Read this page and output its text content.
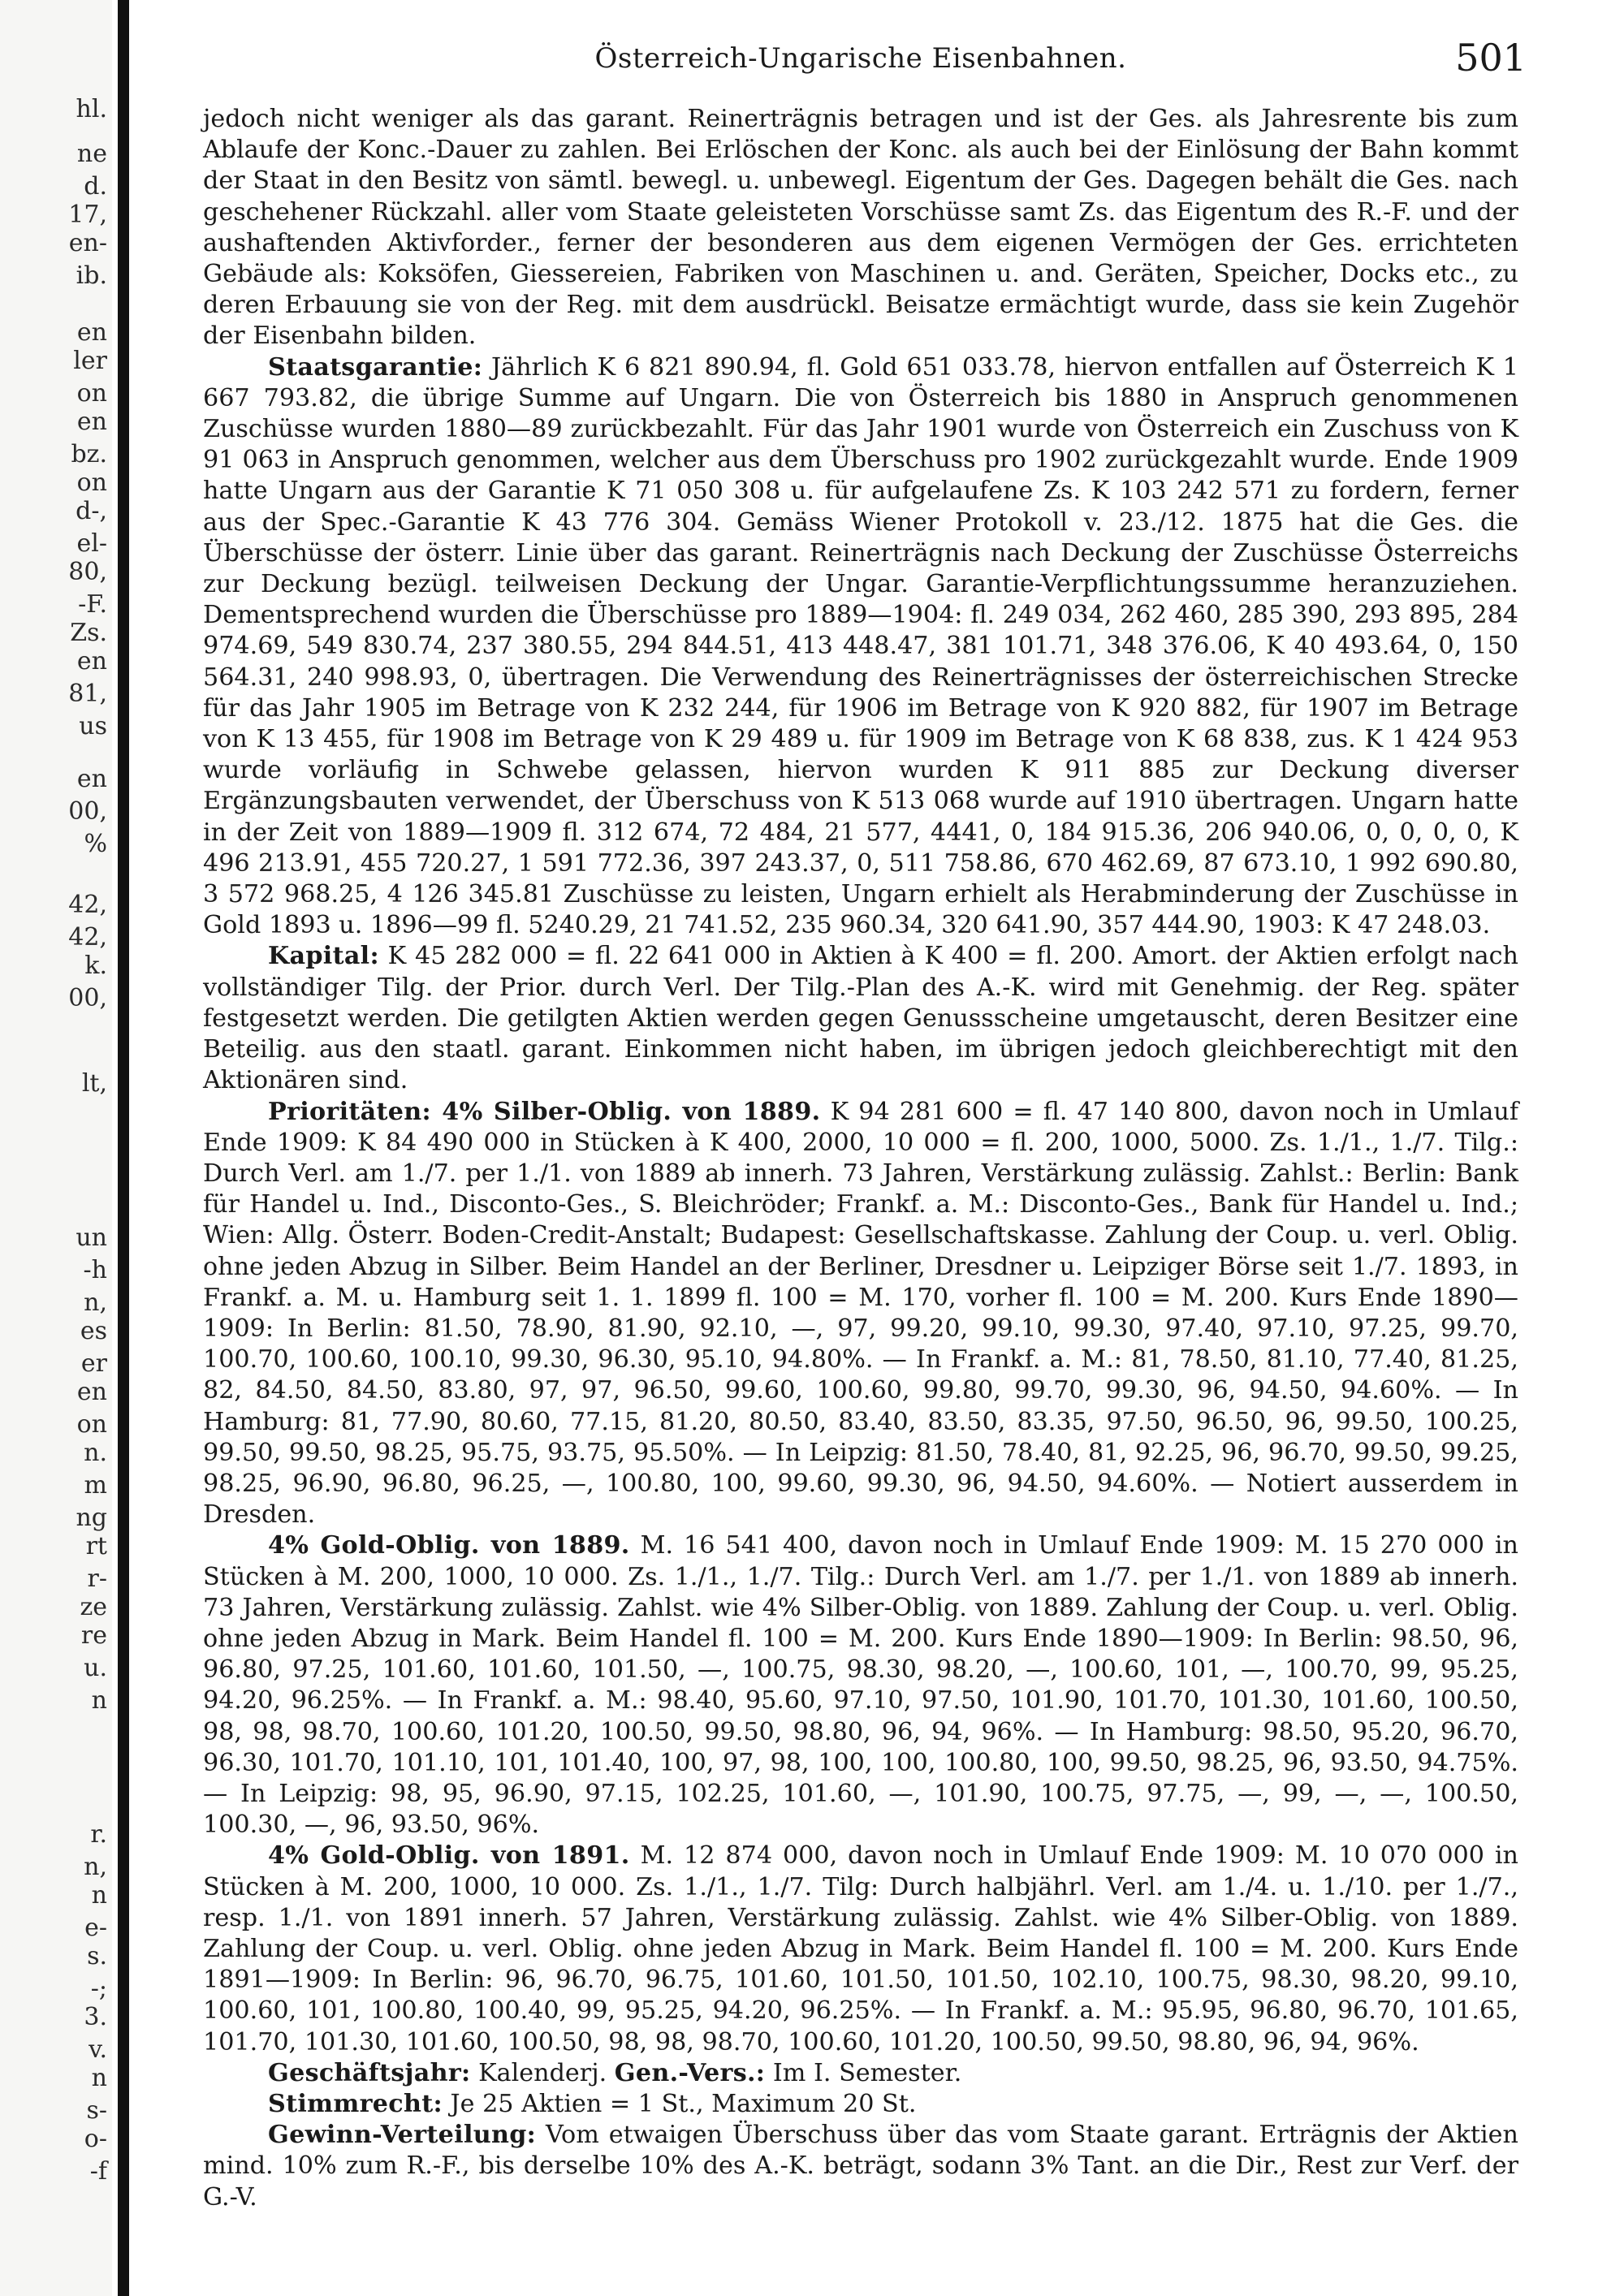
hl.
ne
d.
17,
en-
ib.
en
ler
on
en
bz.
on
d-,
el-
80,
-F.
Zs.
en
81,
us
en
00,
%
42,
42,
k.
00,
lt,
un
-h
n,
es
er
en
on
n.
m
ng
rt
r-
ze
re
u.
n
r.
n,
n
e-
s.
-;
3.
v.
n
s-
o-
-f
Österreich-Ungarische Eisenbahnen.	501

jedoch nicht weniger als das garant. Reinerträgnis betragen und ist der Ges. als Jahresrente bis zum Ablaufe der Konc.-Dauer zu zahlen. Bei Erlöschen der Konc. als auch bei der Einlösung der Bahn kommt der Staat in den Besitz von sämtl. bewegl. u. unbewegl. Eigentum der Ges. Dagegen behält die Ges. nach geschehener Rückzahl. aller vom Staate geleisteten Vorschüsse samt Zs. das Eigentum des R.-F. und der aushaftenden Aktivforder., ferner der besonderen aus dem eigenen Vermögen der Ges. errichteten Gebäude als: Koksöfen, Giessereien, Fabriken von Maschinen u. and. Geräten, Speicher, Docks etc., zu deren Erbauung sie von der Reg. mit dem ausdrückl. Beisatze ermächtigt wurde, dass sie kein Zugehör der Eisenbahn bilden.

Staatsgarantie: Jährlich K 6 821 890.94, fl. Gold 651 033.78, hiervon entfallen auf Österreich K 1 667 793.82, die übrige Summe auf Ungarn. Die von Österreich bis 1880 in Anspruch genommenen Zuschüsse wurden 1880—89 zurückbezahlt. Für das Jahr 1901 wurde von Österreich ein Zuschuss von K 91 063 in Anspruch genommen, welcher aus dem Überschuss pro 1902 zurückgezahlt wurde. Ende 1909 hatte Ungarn aus der Garantie K 71 050 308 u. für aufgelaufene Zs. K 103 242 571 zu fordern, ferner aus der Spec.-Garantie K 43 776 304. Gemäss Wiener Protokoll v. 23./12. 1875 hat die Ges. die Überschüsse der österr. Linie über das garant. Reinerträgnis nach Deckung der Zuschüsse Österreichs zur Deckung bezügl. teilweisen Deckung der Ungar. Garantie-Verpflichtungssumme heranzuziehen. Dementsprechend wurden die Überschüsse pro 1889—1904: fl. 249 034, 262 460, 285 390, 293 895, 284 974.69, 549 830.74, 237 380.55, 294 844.51, 413 448.47, 381 101.71, 348 376.06, K 40 493.64, 0, 150 564.31, 240 998.93, 0, übertragen. Die Verwendung des Reinerträgnisses der österreichischen Strecke für das Jahr 1905 im Betrage von K 232 244, für 1906 im Betrage von K 920 882, für 1907 im Betrage von K 13 455, für 1908 im Betrage von K 29 489 u. für 1909 im Betrage von K 68 838, zus. K 1 424 953 wurde vorläufig in Schwebe gelassen, hiervon wurden K 911 885 zur Deckung diverser Ergänzungsbauten verwendet, der Überschuss von K 513 068 wurde auf 1910 übertragen. Ungarn hatte in der Zeit von 1889—1909 fl. 312 674, 72 484, 21 577, 4441, 0, 184 915.36, 206 940.06, 0, 0, 0, 0, K 496 213.91, 455 720.27, 1 591 772.36, 397 243.37, 0, 511 758.86, 670 462.69, 87 673.10, 1 992 690.80, 3 572 968.25, 4 126 345.81 Zuschüsse zu leisten, Ungarn erhielt als Herabminderung der Zuschüsse in Gold 1893 u. 1896—99 fl. 5240.29, 21 741.52, 235 960.34, 320 641.90, 357 444.90, 1903: K 47 248.03.

Kapital: K 45 282 000 = fl. 22 641 000 in Aktien à K 400 = fl. 200. Amort. der Aktien erfolgt nach vollständiger Tilg. der Prior. durch Verl. Der Tilg.-Plan des A.-K. wird mit Genehmig. der Reg. später festgesetzt werden. Die getilgten Aktien werden gegen Genussscheine umgetauscht, deren Besitzer eine Beteilig. aus den staatl. garant. Einkommen nicht haben, im übrigen jedoch gleichberechtigt mit den Aktionären sind.

Prioritäten: 4% Silber-Oblig. von 1889. K 94 281 600 = fl. 47 140 800, davon noch in Umlauf Ende 1909: K 84 490 000 in Stücken à K 400, 2000, 10 000 = fl. 200, 1000, 5000. Zs. 1./1., 1./7. Tilg.: Durch Verl. am 1./7. per 1./1. von 1889 ab innerh. 73 Jahren, Verstärkung zulässig. Zahlst.: Berlin: Bank für Handel u. Ind., Disconto-Ges., S. Bleichröder; Frankf. a. M.: Disconto-Ges., Bank für Handel u. Ind.; Wien: Allg. Österr. Boden-Credit-Anstalt; Budapest: Gesellschaftskasse. Zahlung der Coup. u. verl. Oblig. ohne jeden Abzug in Silber. Beim Handel an der Berliner, Dresdner u. Leipziger Börse seit 1./7. 1893, in Frankf. a. M. u. Hamburg seit 1. 1. 1899 fl. 100 = M. 170, vorher fl. 100 = M. 200. Kurs Ende 1890—1909: In Berlin: 81.50, 78.90, 81.90, 92.10, —, 97, 99.20, 99.10, 99.30, 97.40, 97.10, 97.25, 99.70, 100.70, 100.60, 100.10, 99.30, 96.30, 95.10, 94.80%. — In Frankf. a. M.: 81, 78.50, 81.10, 77.40, 81.25, 82, 84.50, 84.50, 83.80, 97, 97, 96.50, 99.60, 100.60, 99.80, 99.70, 99.30, 96, 94.50, 94.60%. — In Hamburg: 81, 77.90, 80.60, 77.15, 81.20, 80.50, 83.40, 83.50, 83.35, 97.50, 96.50, 96, 99.50, 100.25, 99.50, 99.50, 98.25, 95.75, 93.75, 95.50%. — In Leipzig: 81.50, 78.40, 81, 92.25, 96, 96.70, 99.50, 99.25, 98.25, 96.90, 96.80, 96.25, —, 100.80, 100, 99.60, 99.30, 96, 94.50, 94.60%. — Notiert ausserdem in Dresden.

4% Gold-Oblig. von 1889. M. 16 541 400, davon noch in Umlauf Ende 1909: M. 15 270 000 in Stücken à M. 200, 1000, 10 000. Zs. 1./1., 1./7. Tilg.: Durch Verl. am 1./7. per 1./1. von 1889 ab innerh. 73 Jahren, Verstärkung zulässig. Zahlst. wie 4% Silber-Oblig. von 1889. Zahlung der Coup. u. verl. Oblig. ohne jeden Abzug in Mark. Beim Handel fl. 100 = M. 200. Kurs Ende 1890—1909: In Berlin: 98.50, 96, 96.80, 97.25, 101.60, 101.60, 101.50, —, 100.75, 98.30, 98.20, —, 100.60, 101, —, 100.70, 99, 95.25, 94.20, 96.25%. — In Frankf. a. M.: 98.40, 95.60, 97.10, 97.50, 101.90, 101.70, 101.30, 101.60, 100.50, 98, 98, 98.70, 100.60, 101.20, 100.50, 99.50, 98.80, 96, 94, 96%. — In Hamburg: 98.50, 95.20, 96.70, 96.30, 101.70, 101.10, 101, 101.40, 100, 97, 98, 100, 100, 100.80, 100, 99.50, 98.25, 96, 93.50, 94.75%. — In Leipzig: 98, 95, 96.90, 97.15, 102.25, 101.60, —, 101.90, 100.75, 97.75, —, 99, —, —, 100.50, 100.30, —, 96, 93.50, 96%.

4% Gold-Oblig. von 1891. M. 12 874 000, davon noch in Umlauf Ende 1909: M. 10 070 000 in Stücken à M. 200, 1000, 10 000. Zs. 1./1., 1./7. Tilg: Durch halbjährl. Verl. am 1./4. u. 1./10. per 1./7., resp. 1./1. von 1891 innerh. 57 Jahren, Verstärkung zulässig. Zahlst. wie 4% Silber-Oblig. von 1889. Zahlung der Coup. u. verl. Oblig. ohne jeden Abzug in Mark. Beim Handel fl. 100 = M. 200. Kurs Ende 1891—1909: In Berlin: 96, 96.70, 96.75, 101.60, 101.50, 101.50, 102.10, 100.75, 98.30, 98.20, 99.10, 100.60, 101, 100.80, 100.40, 99, 95.25, 94.20, 96.25%. — In Frankf. a. M.: 95.95, 96.80, 96.70, 101.65, 101.70, 101.30, 101.60, 100.50, 98, 98, 98.70, 100.60, 101.20, 100.50, 99.50, 98.80, 96, 94, 96%.

Geschäftsjahr: Kalenderj. Gen.-Vers.: Im I. Semester.

Stimmrecht: Je 25 Aktien = 1 St., Maximum 20 St.

Gewinn-Verteilung: Vom etwaigen Überschuss über das vom Staate garant. Erträgnis der Aktien mind. 10% zum R.-F., bis derselbe 10% des A.-K. beträgt, sodann 3% Tant. an die Dir., Rest zur Verf. der G.-V.
